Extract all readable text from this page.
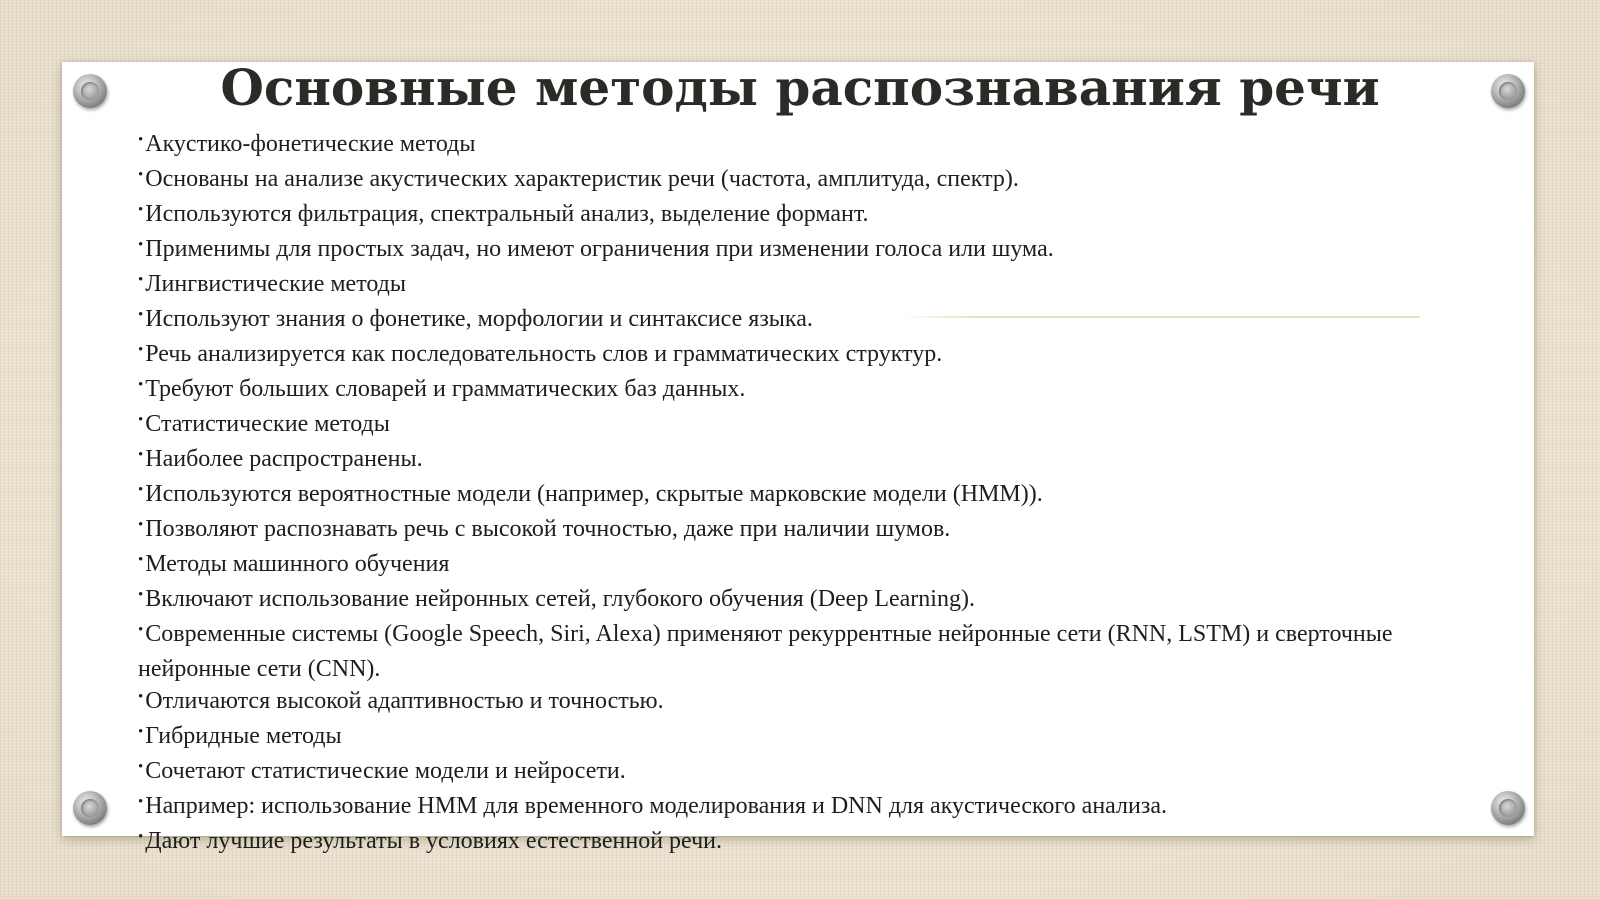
Основные методы распознавания речи
•Акустико-фонетические методы
•Основаны на анализе акустических характеристик речи (частота, амплитуда, спектр).
•Используются фильтрация, спектральный анализ, выделение формант.
•Применимы для простых задач, но имеют ограничения при изменении голоса или шума.
•Лингвистические методы
•Используют знания о фонетике, морфологии и синтаксисе языка.
•Речь анализируется как последовательность слов и грамматических структур.
•Требуют больших словарей и грамматических баз данных.
•Статистические методы
•Наиболее распространены.
•Используются вероятностные модели (например, скрытые марковские модели (HMM)).
•Позволяют распознавать речь с высокой точностью, даже при наличии шумов.
•Методы машинного обучения
•Включают использование нейронных сетей, глубокого обучения (Deep Learning).
•Современные системы (Google Speech, Siri, Alexa) применяют рекуррентные нейронные сети (RNN, LSTM) и сверточные нейронные сети (CNN).
•Отличаются высокой адаптивностью и точностью.
•Гибридные методы
•Сочетают статистические модели и нейросети.
•Например: использование HMM для временного моделирования и DNN для акустического анализа.
•Дают лучшие результаты в условиях естественной речи.
